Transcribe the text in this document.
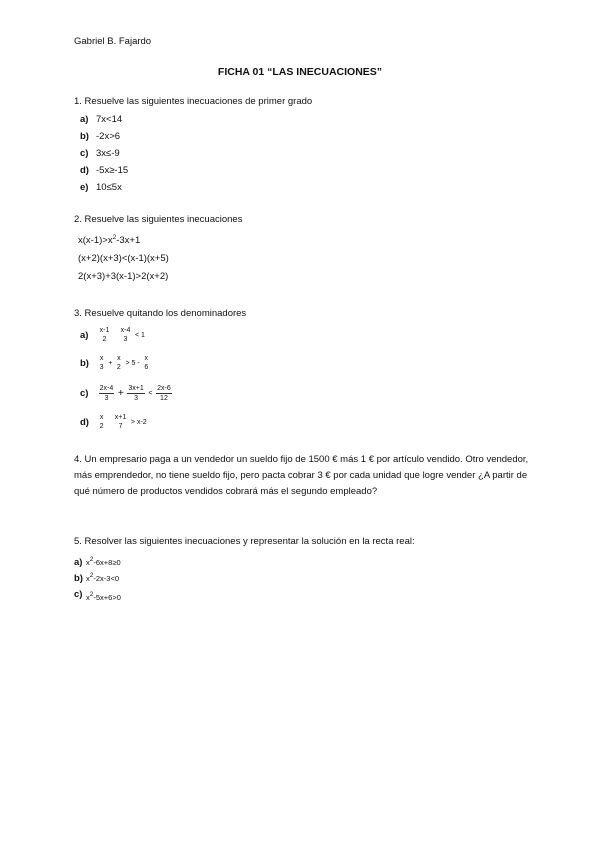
Gabriel B. Fajardo
FICHA 01 “LAS INECUACIONES”
1. Resuelve las siguientes inecuaciones de primer grado
a) 7x<14
b) -2x>6
c) 3x≤-9
d) -5x≥-15
e) 10≤5x
2. Resuelve las siguientes inecuaciones
$x(x-1)>x^2-3x+1$
(x+2)(x+3)<(x-1)(x+5)
2(x+3)+3(x-1)>2(x+2)
3. Resuelve quitando los denominadores
a) x-1
2

x-4
3
< 1
b) x
3
+
x
2
> 5 -
x
6
$c) \frac{2x-4}{3} + \frac{3x+1}{3} < \frac{2x-6}{12}$
d) x
2

x+1
7
> x-2
4. Un empresario paga a un vendedor un sueldo fijo de 1500 € más 1 € por artículo vendido. Otro vendedor, más emprendedor, no tiene sueldo fijo, pero pacta cobrar 3 € por cada unidad que logre vender ¿A partir de qué número de productos vendidos cobrará más el segundo empleado?
5. Resolver las siguientes inecuaciones y representar la solución en la recta real:
a) $x^2-6x+8\ge 0$
b) $x^2-2x-3<0$
c) $x^2-5x+6>0$
